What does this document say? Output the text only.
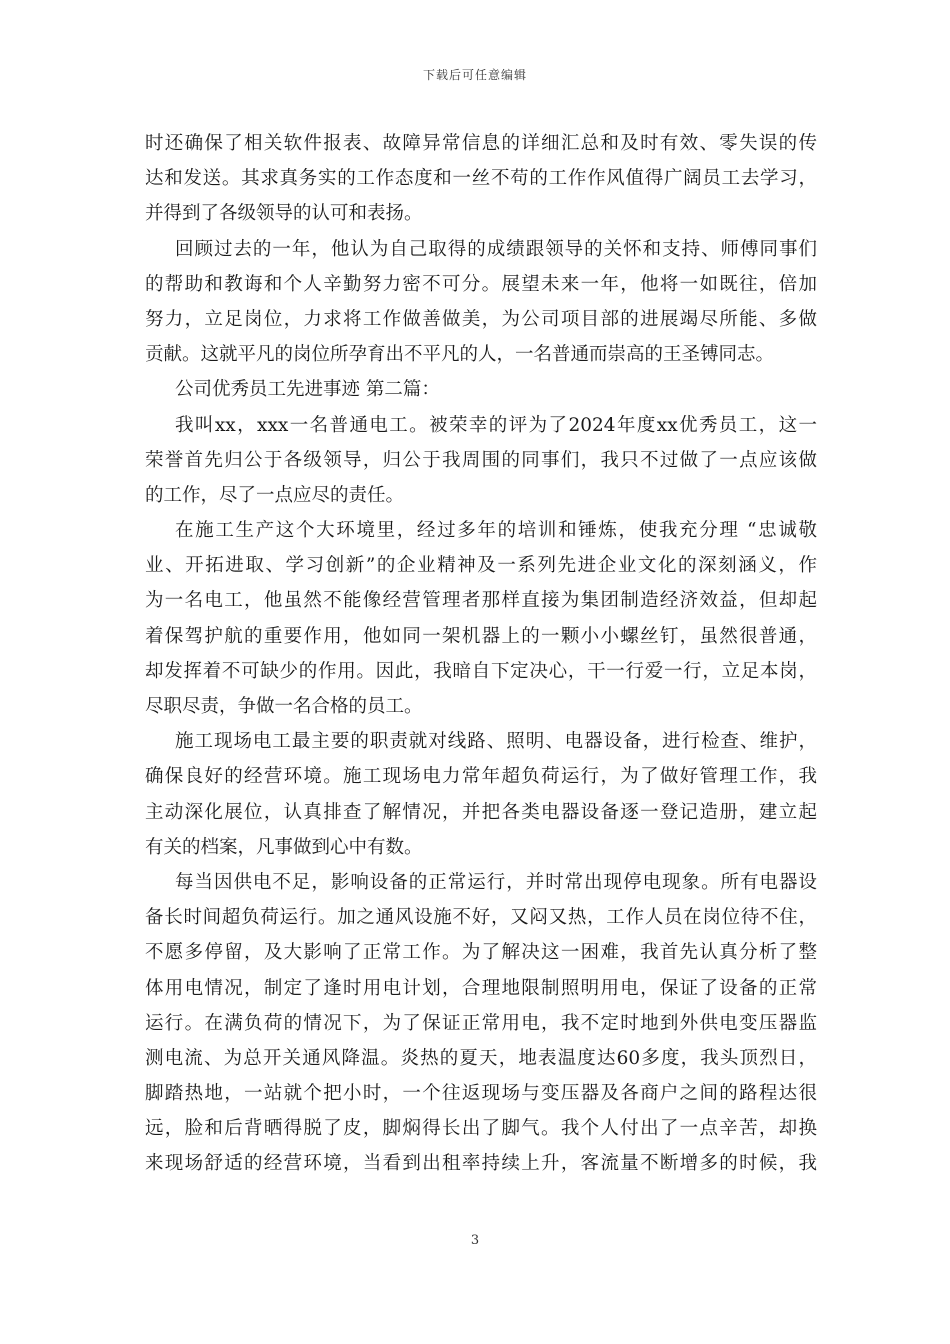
下载后可任意编辑
时还确保了相关软件报表、故障异常信息的详细汇总和及时有效、零失误的传
达和发送。其求真务实的工作态度和一丝不苟的工作作风值得广阔员工去学习，
并得到了各级领导的认可和表扬。
回顾过去的一年，他认为自己取得的成绩跟领导的关怀和支持、师傅同事们
的帮助和教诲和个人辛勤努力密不可分。展望未来一年，他将一如既往，倍加
努力，立足岗位，力求将工作做善做美，为公司项目部的进展竭尽所能、多做
贡献。这就平凡的岗位所孕育出不平凡的人，一名普通而崇高的王圣镈同志。
公司优秀员工先进事迹 第二篇：
我叫xx，xxx一名普通电工。被荣幸的评为了2024年度xx优秀员工，这一
荣誉首先归公于各级领导，归公于我周围的同事们，我只不过做了一点应该做
的工作，尽了一点应尽的责任。
在施工生产这个大环境里，经过多年的培训和锤炼，使我充分理 “忠诚敬
业、开拓进取、学习创新”的企业精神及一系列先进企业文化的深刻涵义，作
为一名电工，他虽然不能像经营管理者那样直接为集团制造经济效益，但却起
着保驾护航的重要作用，他如同一架机器上的一颗小小螺丝钉，虽然很普通，
却发挥着不可缺少的作用。因此，我暗自下定决心，干一行爱一行，立足本岗，
尽职尽责，争做一名合格的员工。
施工现场电工最主要的职责就对线路、照明、电器设备，进行检查、维护，
确保良好的经营环境。施工现场电力常年超负荷运行，为了做好管理工作，我
主动深化展位，认真排查了解情况，并把各类电器设备逐一登记造册，建立起
有关的档案，凡事做到心中有数。
每当因供电不足，影响设备的正常运行，并时常出现停电现象。所有电器设
备长时间超负荷运行。加之通风设施不好，又闷又热，工作人员在岗位待不住，
不愿多停留，及大影响了正常工作。为了解决这一困难，我首先认真分析了整
体用电情况，制定了逢时用电计划，合理地限制照明用电，保证了设备的正常
运行。在满负荷的情况下，为了保证正常用电，我不定时地到外供电变压器监
测电流、为总开关通风降温。炎热的夏天，地表温度达60多度，我头顶烈日，
脚踏热地，一站就个把小时，一个往返现场与变压器及各商户之间的路程达很
远，脸和后背晒得脱了皮，脚焖得长出了脚气。我个人付出了一点辛苦，却换
来现场舒适的经营环境，当看到出租率持续上升，客流量不断增多的时候，我
3
